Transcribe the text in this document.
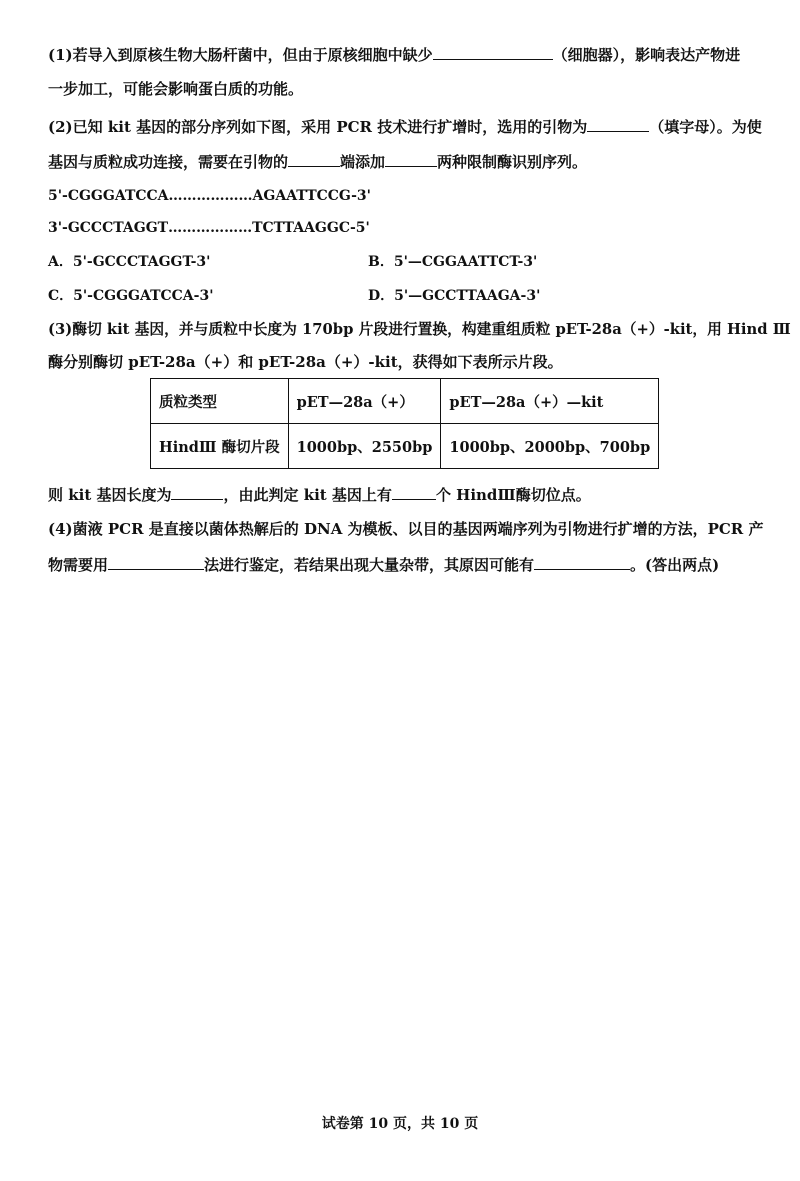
(1)若导入到原核生物大肠杆菌中，但由于原核细胞中缺少	（细胞器），影响表达产物进
一步加工，可能会影响蛋白质的功能。
(2)已知 kit 基因的部分序列如下图，采用 PCR 技术进行扩增时，选用的引物为	（填字母）。为使
基因与质粒成功连接，需要在引物的	端添加	两种限制酶识别序列。
5'-CGGGATCCA………………AGAATTCCG-3'
3'-GCCCTAGGT………………TCTTAAGGC-5'
A．5'-GCCCTAGGT-3'	B．5'—CGGAATTCT-3'
C．5'-CGGGATCCA-3'	D．5'—GCCTTAAGA-3'
(3)酶切 kit 基因，并与质粒中长度为 170bp 片段进行置换，构建重组质粒 pET-28a（+）-kit，用 Hind Ⅲ
酶分别酶切 pET-28a（+）和 pET-28a（+）-kit，获得如下表所示片段。
质粒类型	pET—28a（+）	pET—28a（+）—kit
HindⅢ 酶切片段	1000bp、2550bp	1000bp、2000bp、700bp
则 kit 基因长度为	，由此判定 kit 基因上有	个 HindⅢ酶切位点。
(4)菌液 PCR 是直接以菌体热解后的 DNA 为模板、以目的基因两端序列为引物进行扩增的方法，PCR 产
物需要用	法进行鉴定，若结果出现大量杂带，其原因可能有	。(答出两点)
试卷第 10 页，共 10 页
